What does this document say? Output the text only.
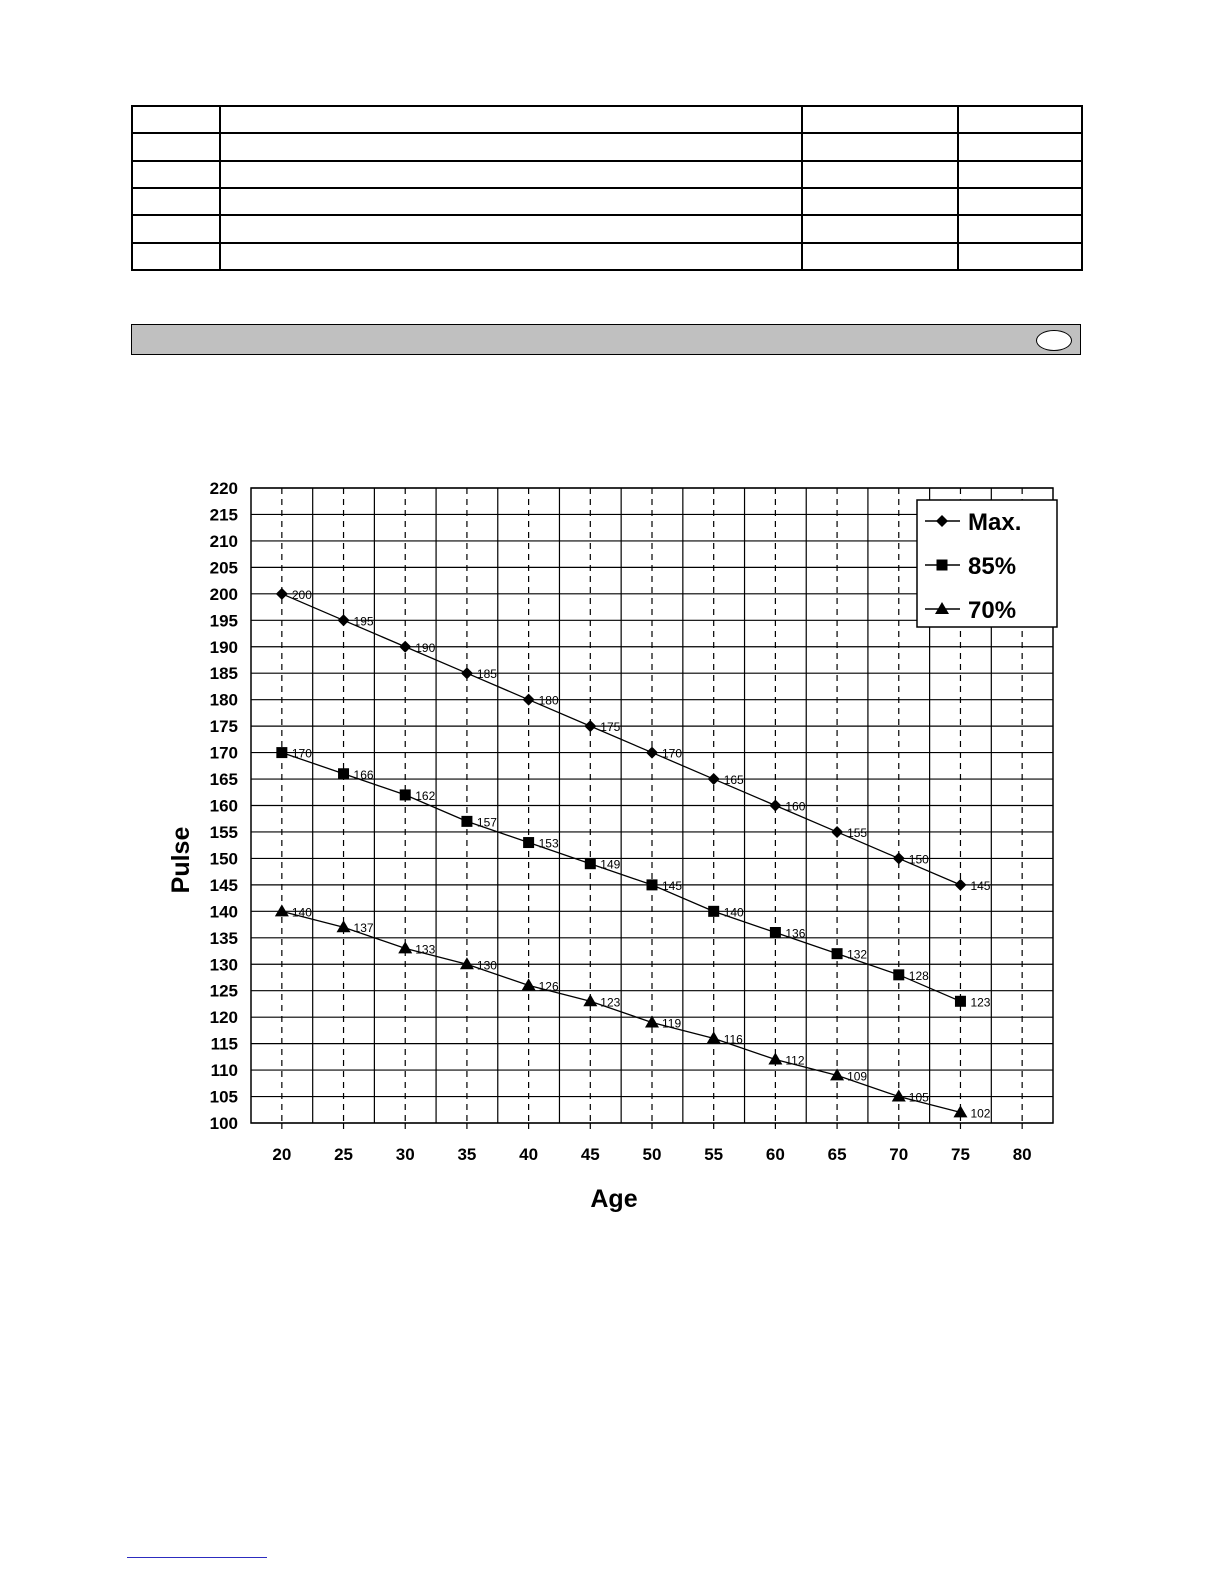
100
105
110
115
120
125
130
135
140
145
150
155
160
165
170
175
180
185
190
195
200
205
210
215
220
20	25	30	35	40	45	50	55	60	65	70	75	80
200
195
190
185
180
175
170
165
160
155
150
145
170
166
162
157
153
149
145
140
136
132
128
123
140
137
133
130
126
123
119
116
112
109
105
102
Age
Pulse
Max.
85%
70%
